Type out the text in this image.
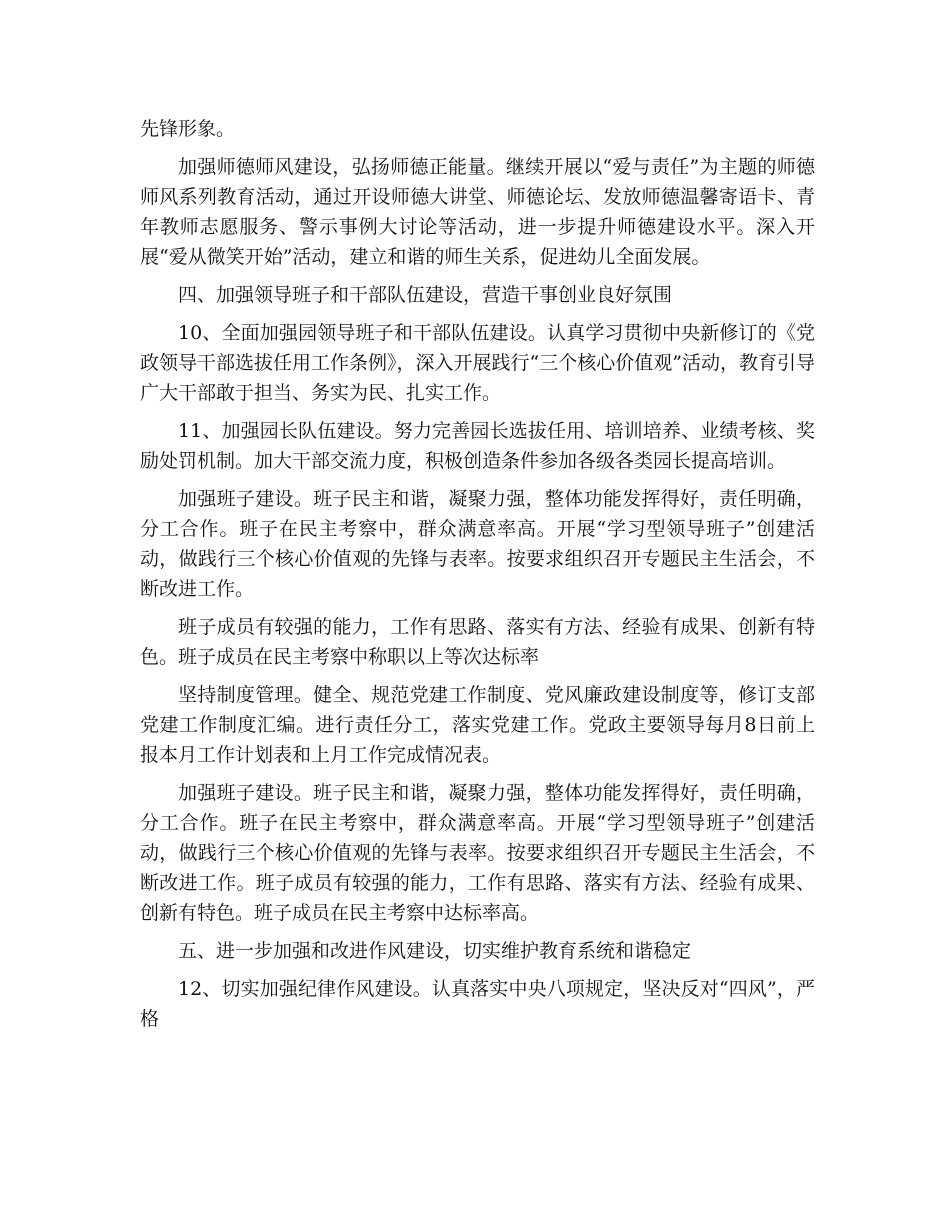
先锋形象。

加强师德师风建设，弘扬师德正能量。继续开展以“爱与责任”为主题的师德师风系列教育活动，通过开设师德大讲堂、师德论坛、发放师德温馨寄语卡、青年教师志愿服务、警示事例大讨论等活动，进一步提升师德建设水平。深入开展“爱从微笑开始”活动，建立和谐的师生关系，促进幼儿全面发展。

四、加强领导班子和干部队伍建设，营造干事创业良好氛围

10、全面加强园领导班子和干部队伍建设。认真学习贯彻中央新修订的《党政领导干部选拔任用工作条例》，深入开展践行“三个核心价值观”活动，教育引导广大干部敢于担当、务实为民、扎实工作。

11、加强园长队伍建设。努力完善园长选拔任用、培训培养、业绩考核、奖励处罚机制。加大干部交流力度，积极创造条件参加各级各类园长提高培训。

加强班子建设。班子民主和谐，凝聚力强，整体功能发挥得好，责任明确，分工合作。班子在民主考察中，群众满意率高。开展“学习型领导班子”创建活动，做践行三个核心价值观的先锋与表率。按要求组织召开专题民主生活会，不断改进工作。

班子成员有较强的能力，工作有思路、落实有方法、经验有成果、创新有特色。班子成员在民主考察中称职以上等次达标率

坚持制度管理。健全、规范党建工作制度、党风廉政建设制度等，修订支部党建工作制度汇编。进行责任分工，落实党建工作。党政主要领导每月8日前上报本月工作计划表和上月工作完成情况表。

加强班子建设。班子民主和谐，凝聚力强，整体功能发挥得好，责任明确，分工合作。班子在民主考察中，群众满意率高。开展“学习型领导班子”创建活动，做践行三个核心价值观的先锋与表率。按要求组织召开专题民主生活会，不断改进工作。班子成员有较强的能力，工作有思路、落实有方法、经验有成果、创新有特色。班子成员在民主考察中达标率高。

五、进一步加强和改进作风建设，切实维护教育系统和谐稳定

12、切实加强纪律作风建设。认真落实中央八项规定，坚决反对“四风”，严格
